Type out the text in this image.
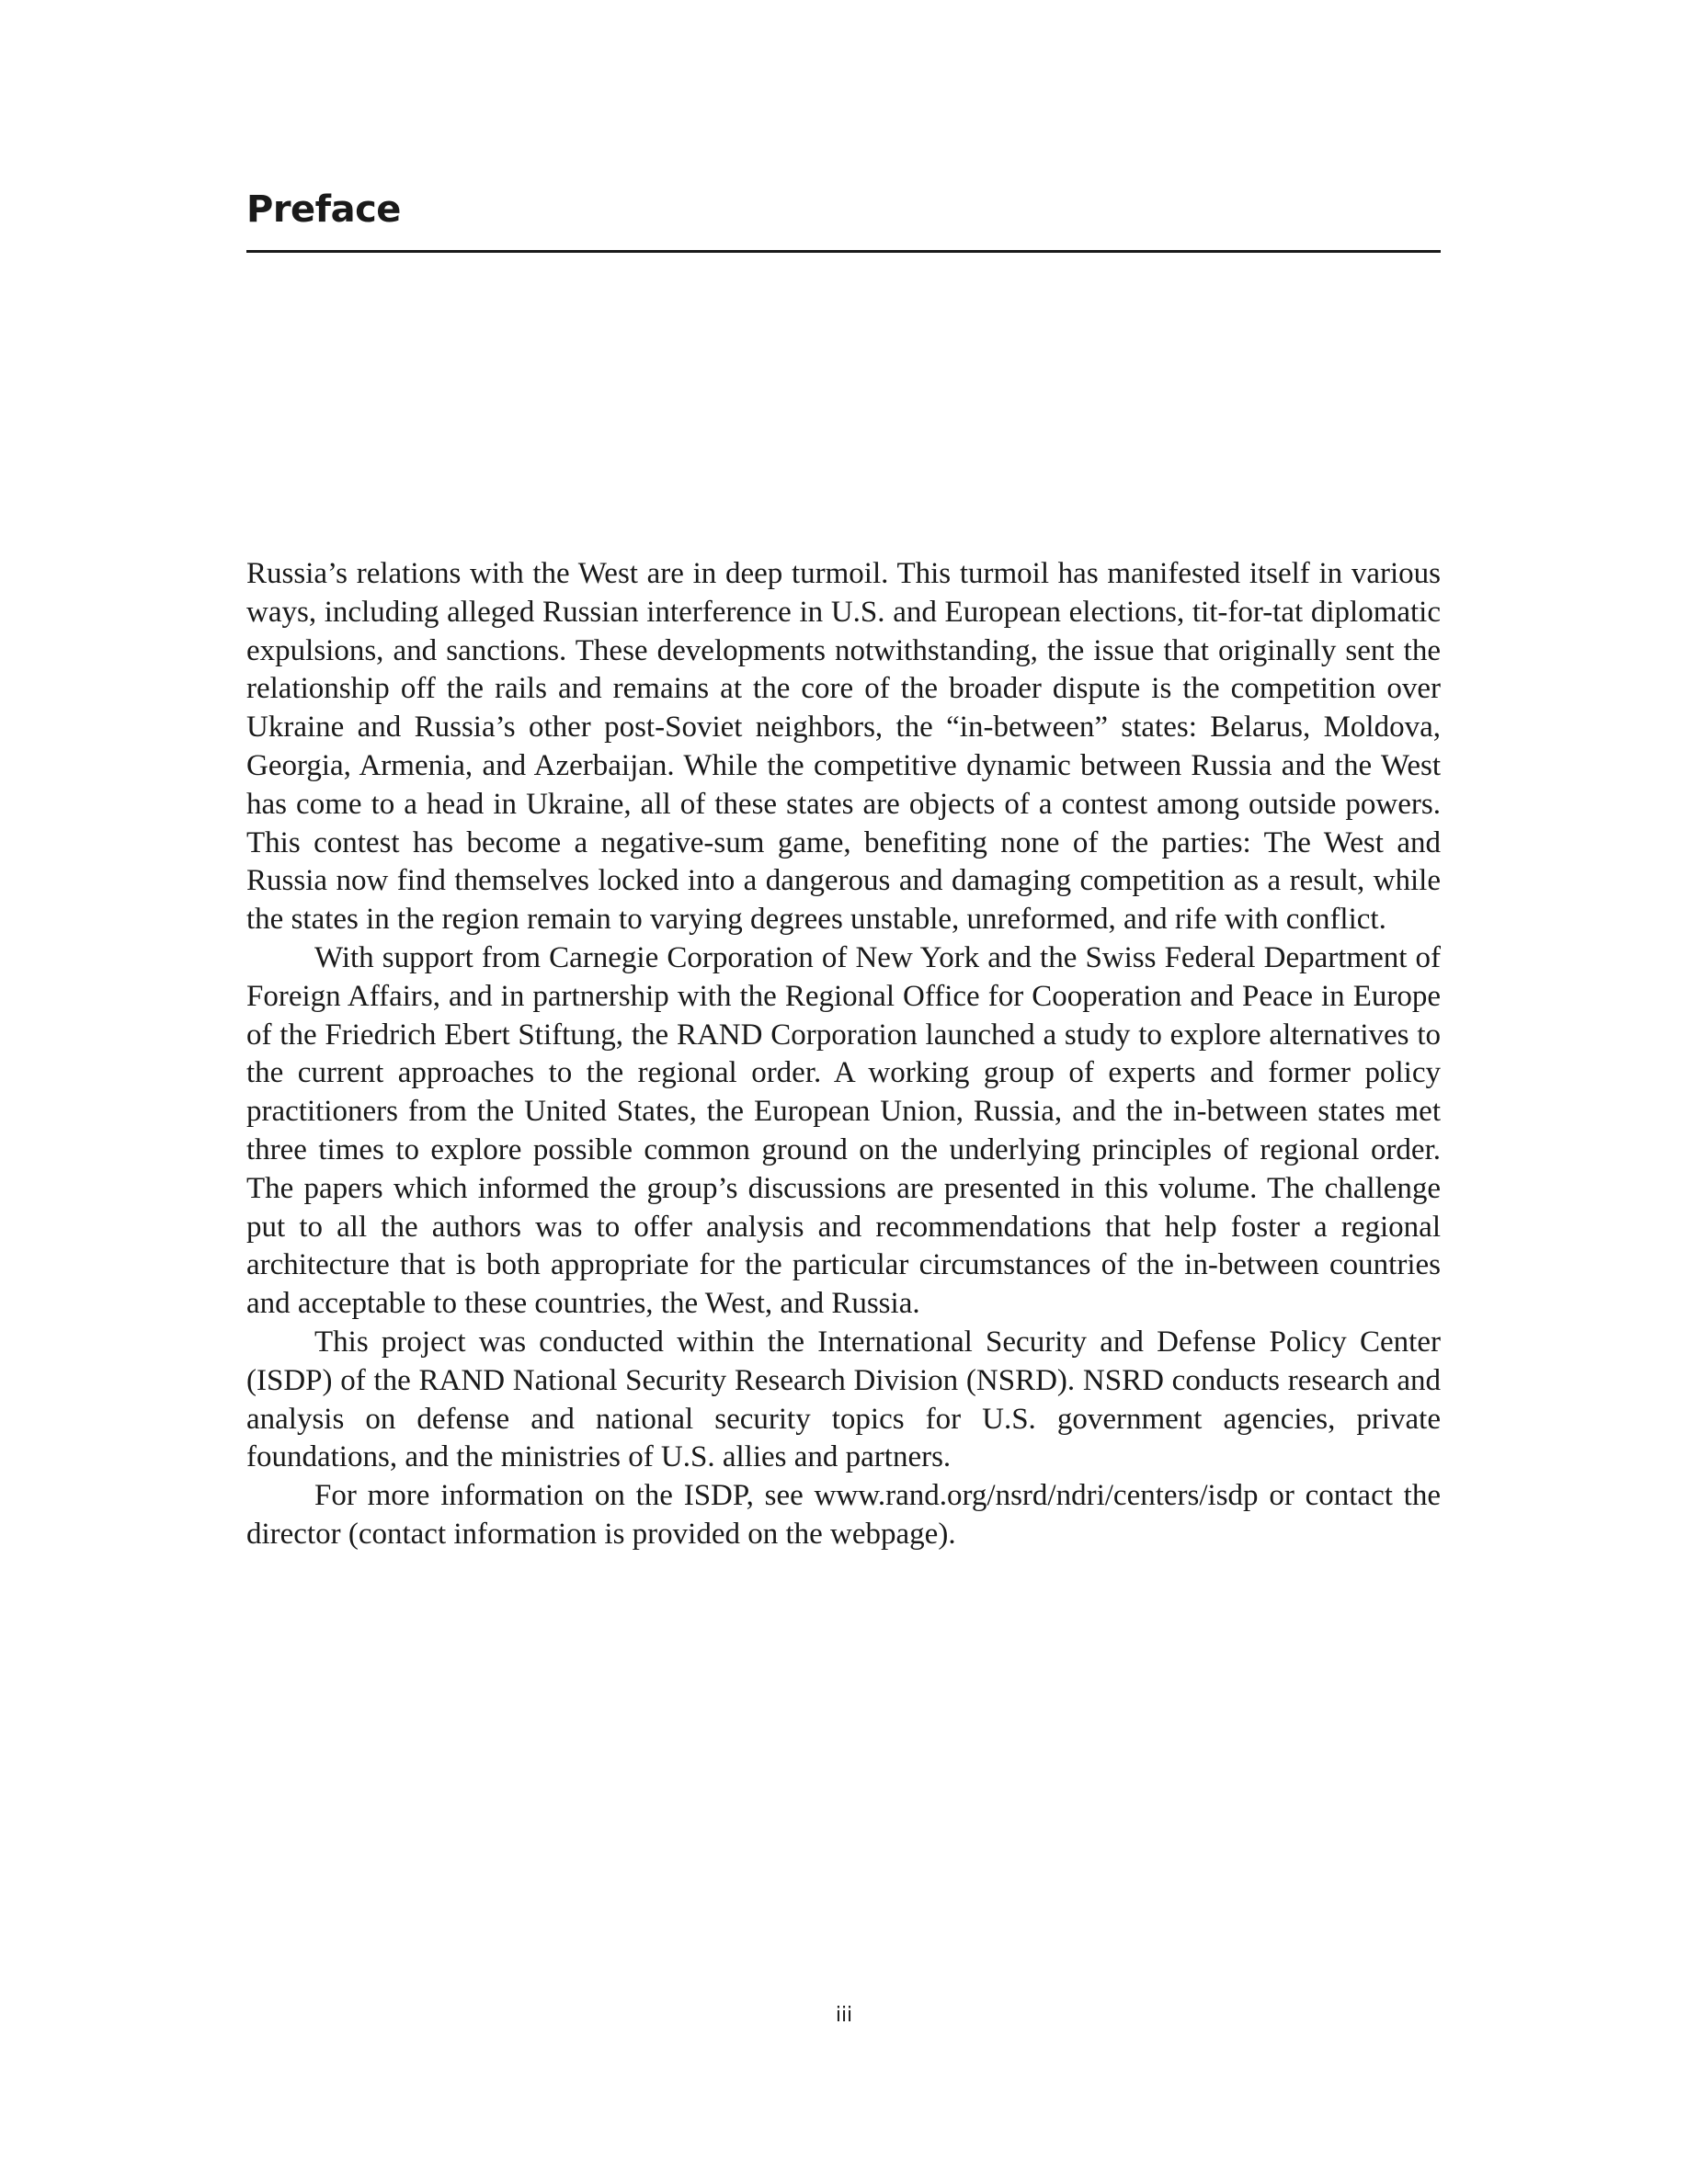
Preface

Russia’s relations with the West are in deep turmoil. This turmoil has manifested itself in various ways, including alleged Russian interference in U.S. and European elections, tit-for-tat diplomatic expulsions, and sanctions. These developments notwithstanding, the issue that originally sent the relationship off the rails and remains at the core of the broader dispute is the competition over Ukraine and Russia’s other post-Soviet neighbors, the “in-between” states: Belarus, Moldova, Georgia, Armenia, and Azerbaijan. While the competitive dynamic between Russia and the West has come to a head in Ukraine, all of these states are objects of a contest among outside powers. This contest has become a negative-sum game, benefiting none of the parties: The West and Russia now find themselves locked into a dangerous and damaging competition as a result, while the states in the region remain to varying degrees unstable, unreformed, and rife with conflict.

With support from Carnegie Corporation of New York and the Swiss Federal Department of Foreign Affairs, and in partnership with the Regional Office for Cooperation and Peace in Europe of the Friedrich Ebert Stiftung, the RAND Corporation launched a study to explore alternatives to the current approaches to the regional order. A working group of experts and former policy practitioners from the United States, the European Union, Russia, and the in-between states met three times to explore possible common ground on the underlying principles of regional order. The papers which informed the group’s discussions are presented in this volume. The challenge put to all the authors was to offer analysis and recommendations that help foster a regional architecture that is both appropriate for the particular circumstances of the in-between countries and acceptable to these countries, the West, and Russia.

This project was conducted within the International Security and Defense Policy Center (ISDP) of the RAND National Security Research Division (NSRD). NSRD conducts research and analysis on defense and national security topics for U.S. government agencies, private foundations, and the ministries of U.S. allies and partners.

For more information on the ISDP, see www.rand.org/nsrd/ndri/centers/isdp or contact the director (contact information is provided on the webpage).

iii
